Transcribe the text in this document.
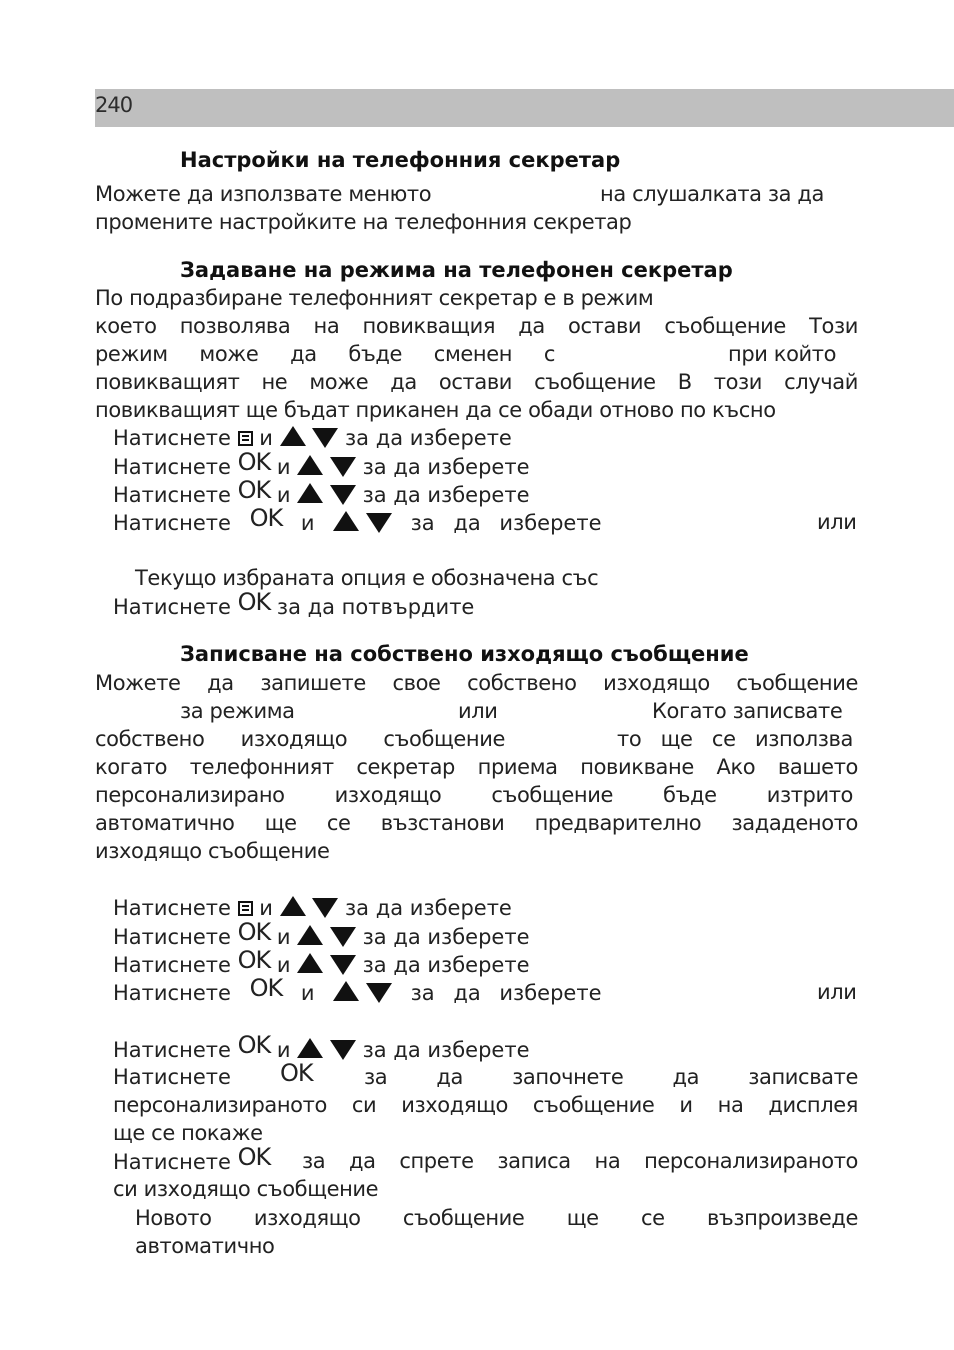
240
Настройки на телефонния секретар
Можете да използвате менюто	на слушалката за да
промените настройките на телефонния секретар
Задаване на режима на телефонен секретар
По подразбиране телефонният секретар е в режим
което позволява на повикващия да остави съобщение Този
режим може да бъде сменен с	при който
повикващият не може да остави съобщение В този случай
повикващият ще бъдат приканен да се обади отново по късно
Натиснете и	за да изберете
Натиснете OK и	за да изберете
Натиснете OK и	за да изберете
Натиснете OK и	за да изберете	или
Текущо избраната опция е обозначена със
Натиснете OK за да потвърдите
Записване на собствено изходящо съобщение
Можете да запишете свое собствено изходящо съобщение
за режима	или	Когато записвате
собствено изходящо съобщение	то ще се използва
когато телефонният секретар приема повикване Ако вашето
персонализирано изходящо съобщение бъде изтрито
автоматично ще се възстанови предварително зададеното
изходящо съобщение
Натиснете и	за да изберете
Натиснете OK и	за да изберете
Натиснете OK и	за да изберете
Натиснете OK и	за да изберете	или
Натиснете OK и	за да изберете
Натиснете OK за да започнете да записвате
персонализираното си изходящо съобщение и на дисплея
ще се покаже
Натиснете OK за да спрете записа на персонализираното
си изходящо съобщение
Новото изходящо съобщение ще се възпроизведе
автоматично
